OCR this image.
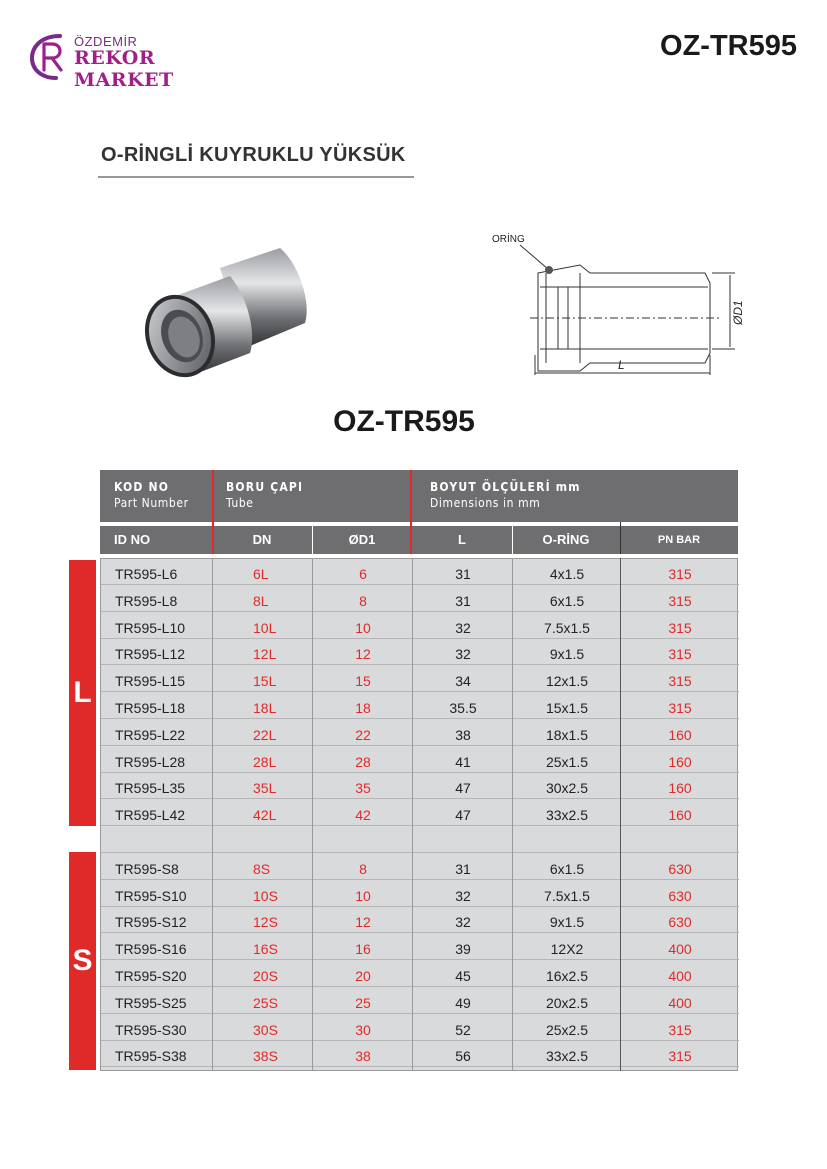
ÖZDEMİR
REKOR MARKET
OZ-TR595
O-RİNGLİ KUYRUKLU YÜKSÜK
ORİNG
ØD1
L
OZ-TR595
L
S
KOD NO
Part Number
BORU ÇAPI
Tube
BOYUT ÖLÇÜLERİ mm
Dimensions in mm
ID NO	DN	ØD1	L	O-RİNG	PN BAR
TR595-L6	6L	6	31	4x1.5	315
TR595-L8	8L	8	31	6x1.5	315
TR595-L10	10L	10	32	7.5x1.5	315
TR595-L12	12L	12	32	9x1.5	315
TR595-L15	15L	15	34	12x1.5	315
TR595-L18	18L	18	35.5	15x1.5	315
TR595-L22	22L	22	38	18x1.5	160
TR595-L28	28L	28	41	25x1.5	160
TR595-L35	35L	35	47	30x2.5	160
TR595-L42	42L	42	47	33x2.5	160
TR595-S8	8S	8	31	6x1.5	630
TR595-S10	10S	10	32	7.5x1.5	630
TR595-S12	12S	12	32	9x1.5	630
TR595-S16	16S	16	39	12X2	400
TR595-S20	20S	20	45	16x2.5	400
TR595-S25	25S	25	49	20x2.5	400
TR595-S30	30S	30	52	25x2.5	315
TR595-S38	38S	38	56	33x2.5	315
